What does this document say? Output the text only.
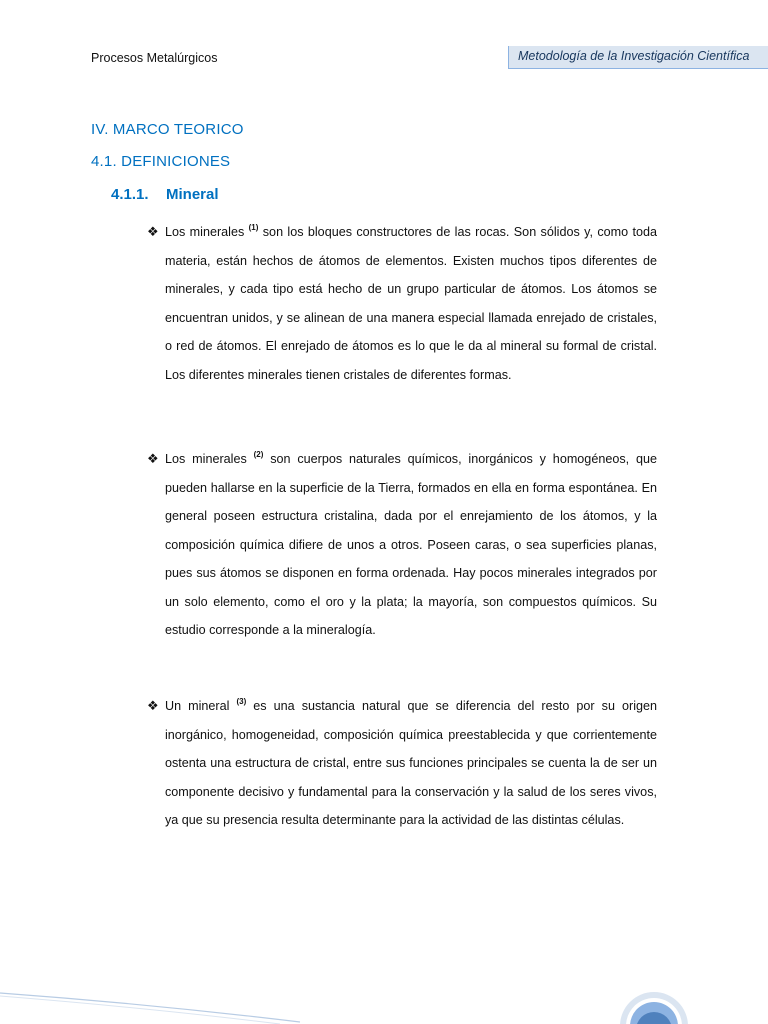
Procesos Metalúrgicos	Metodología de la Investigación Científica
IV. MARCO TEORICO
4.1. DEFINICIONES
4.1.1. Mineral
❖ Los minerales $^{(1)}$ son los bloques constructores de las rocas. Son sólidos y, como toda materia, están hechos de átomos de elementos. Existen muchos tipos diferentes de minerales, y cada tipo está hecho de un grupo particular de átomos. Los átomos se encuentran unidos, y se alinean de una manera especial llamada enrejado de cristales, o red de átomos. El enrejado de átomos es lo que le da al mineral su formal de cristal. Los diferentes minerales tienen cristales de diferentes formas.
❖ Los minerales $^{(2)}$ son cuerpos naturales químicos, inorgánicos y homogéneos, que pueden hallarse en la superficie de la Tierra, formados en ella en forma espontánea. En general poseen estructura cristalina, dada por el enrejamiento de los átomos, y la composición química difiere de unos a otros. Poseen caras, o sea superficies planas, pues sus átomos se disponen en forma ordenada. Hay pocos minerales integrados por un solo elemento, como el oro y la plata; la mayoría, son compuestos químicos. Su estudio corresponde a la mineralogía.
❖ Un mineral $^{(3)}$ es una sustancia natural que se diferencia del resto por su origen inorgánico, homogeneidad, composición química preestablecida y que corrientemente ostenta una estructura de cristal, entre sus funciones principales se cuenta la de ser un componente decisivo y fundamental para la conservación y la salud de los seres vivos, ya que su presencia resulta determinante para la actividad de las distintas células.
